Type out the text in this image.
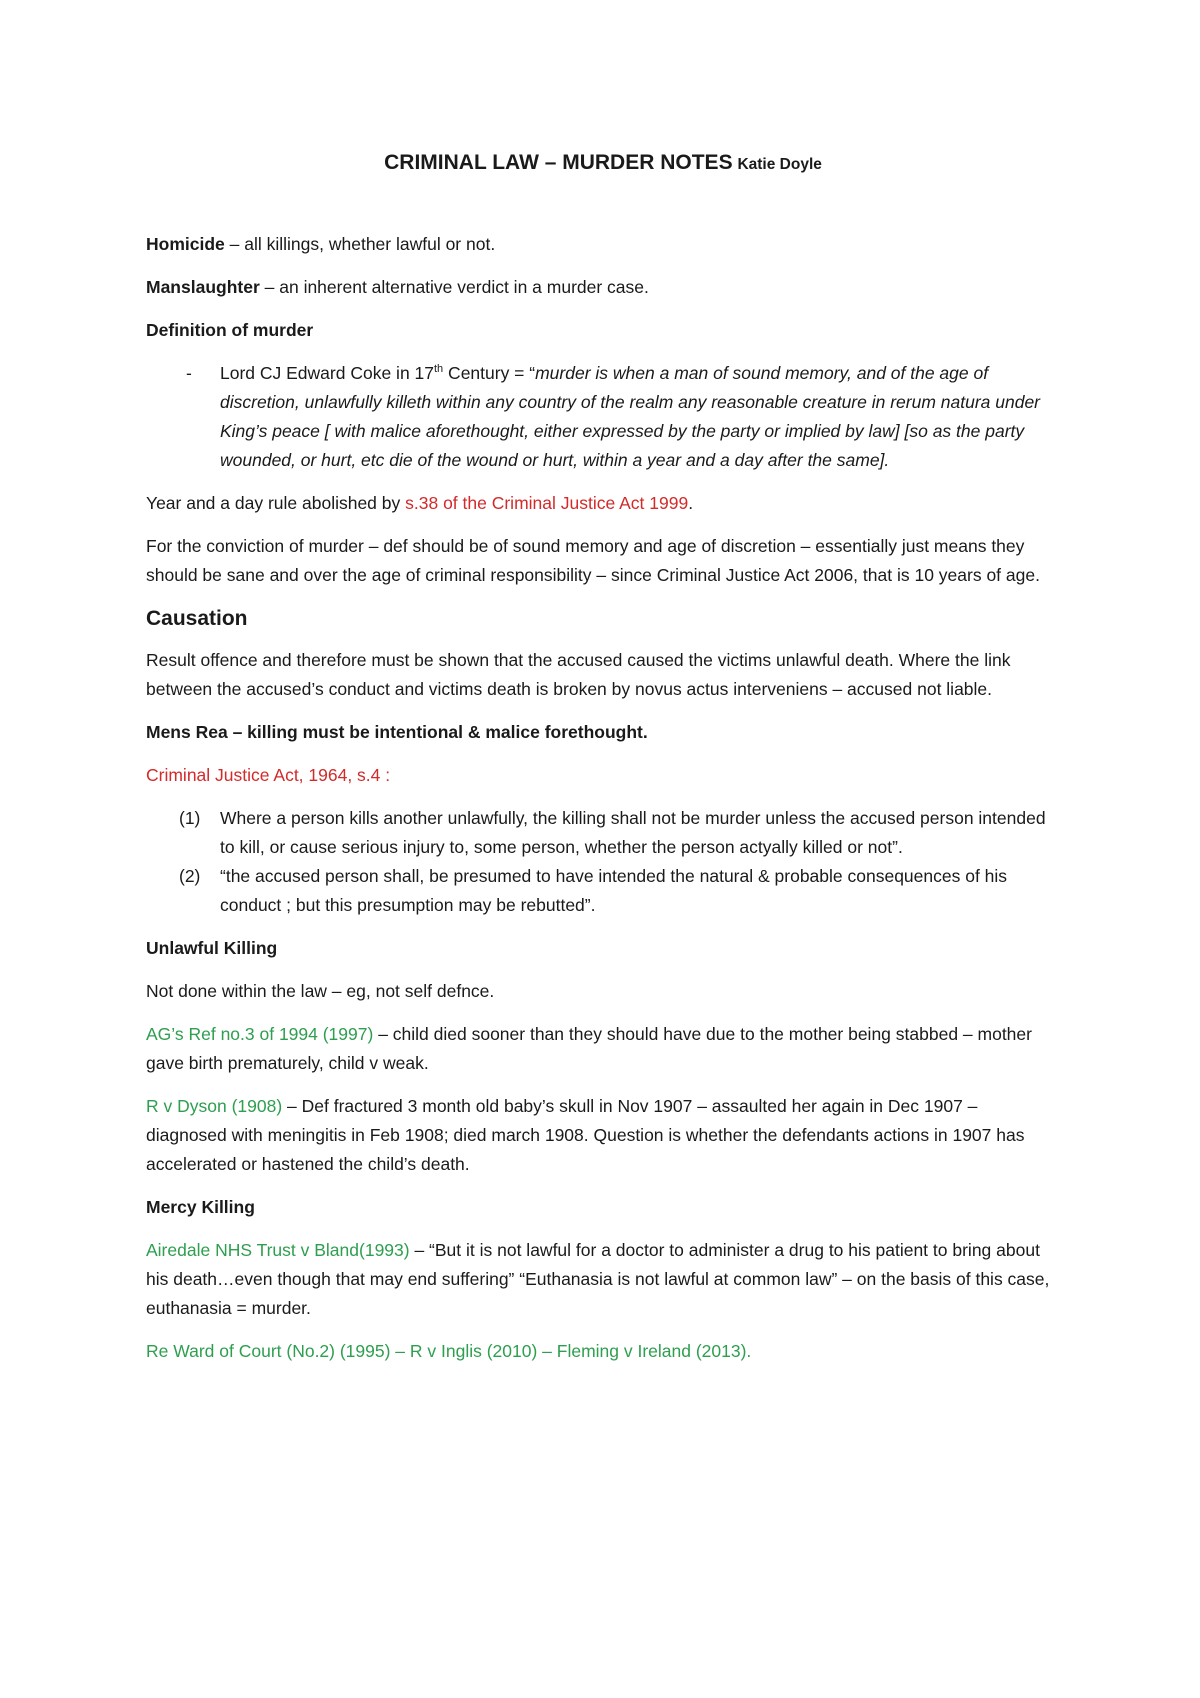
CRIMINAL LAW – MURDER NOTES Katie Doyle

Homicide – all killings, whether lawful or not.

Manslaughter – an inherent alternative verdict in a murder case.

Definition of murder

-	Lord CJ Edward Coke in 17th Century = “murder is when a man of sound memory, and of the age of discretion, unlawfully killeth within any country of the realm any reasonable creature in rerum natura under King’s peace [ with malice aforethought, either expressed by the party or implied by law] [so as the party wounded, or hurt, etc die of the wound or hurt, within a year and a day after the same].

Year and a day rule abolished by s.38 of the Criminal Justice Act 1999.

For the conviction of murder – def should be of sound memory and age of discretion – essentially just means they should be sane and over the age of criminal responsibility – since Criminal Justice Act 2006, that is 10 years of age.

Causation

Result offence and therefore must be shown that the accused caused the victims unlawful death. Where the link between the accused’s conduct and victims death is broken by novus actus interveniens – accused not liable.

Mens Rea – killing must be intentional & malice forethought.

Criminal Justice Act, 1964, s.4 :

(1)	Where a person kills another unlawfully, the killing shall not be murder unless the accused person intended to kill, or cause serious injury to, some person, whether the person actyally killed or not”.
(2)	“the accused person shall, be presumed to have intended the natural & probable consequences of his conduct ; but this presumption may be rebutted”.

Unlawful Killing

Not done within the law – eg, not self defnce.

AG’s Ref no.3 of 1994 (1997) – child died sooner than they should have due to the mother being stabbed – mother gave birth prematurely, child v weak.

R v Dyson (1908) – Def fractured 3 month old baby’s skull in Nov 1907 – assaulted her again in Dec 1907 – diagnosed with meningitis in Feb 1908; died march 1908. Question is whether the defendants actions in 1907 has accelerated or hastened the child’s death.

Mercy Killing

Airedale NHS Trust v Bland(1993) – “But it is not lawful for a doctor to administer a drug to his patient to bring about his death…even though that may end suffering” “Euthanasia is not lawful at common law” – on the basis of this case, euthanasia = murder.

Re Ward of Court (No.2) (1995) – R v Inglis (2010) – Fleming v Ireland (2013).
